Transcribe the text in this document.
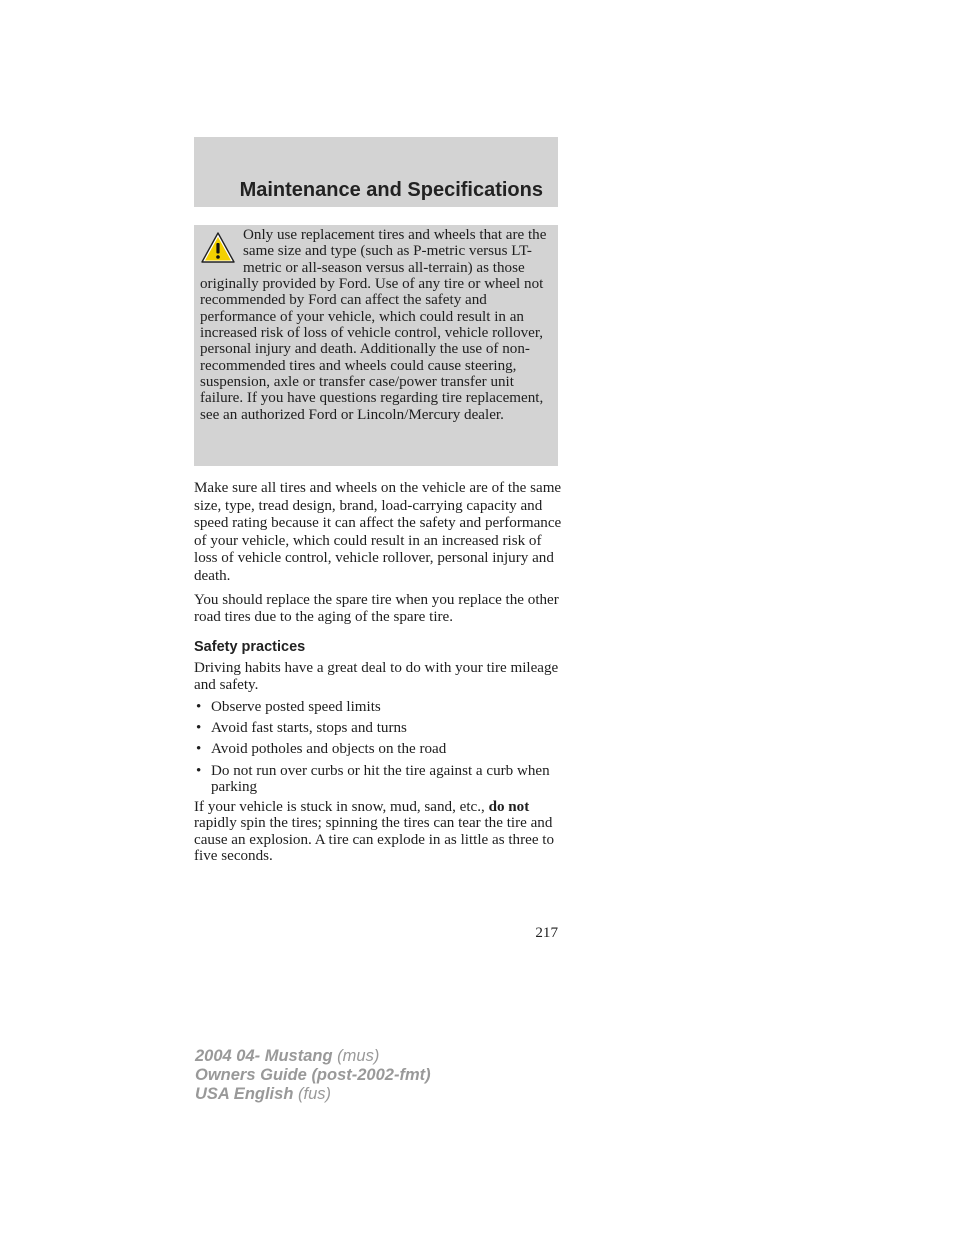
Maintenance and Specifications

Only use replacement tires and wheels that are the same size and type (such as P-metric versus LT-metric or all-season versus all-terrain) as those originally provided by Ford. Use of any tire or wheel not recommended by Ford can affect the safety and performance of your vehicle, which could result in an increased risk of loss of vehicle control, vehicle rollover, personal injury and death. Additionally the use of non-recommended tires and wheels could cause steering, suspension, axle or transfer case/power transfer unit failure. If you have questions regarding tire replacement, see an authorized Ford or Lincoln/Mercury dealer.

Make sure all tires and wheels on the vehicle are of the same size, type, tread design, brand, load-carrying capacity and speed rating because it can affect the safety and performance of your vehicle, which could result in an increased risk of loss of vehicle control, vehicle rollover, personal injury and death.

You should replace the spare tire when you replace the other road tires due to the aging of the spare tire.

Safety practices

Driving habits have a great deal to do with your tire mileage and safety.

• Observe posted speed limits
• Avoid fast starts, stops and turns
• Avoid potholes and objects on the road
• Do not run over curbs or hit the tire against a curb when parking

If your vehicle is stuck in snow, mud, sand, etc., do not rapidly spin the tires; spinning the tires can tear the tire and cause an explosion. A tire can explode in as little as three to five seconds.

217
2004 04- Mustang (mus)
Owners Guide (post-2002-fmt)
USA English (fus)
